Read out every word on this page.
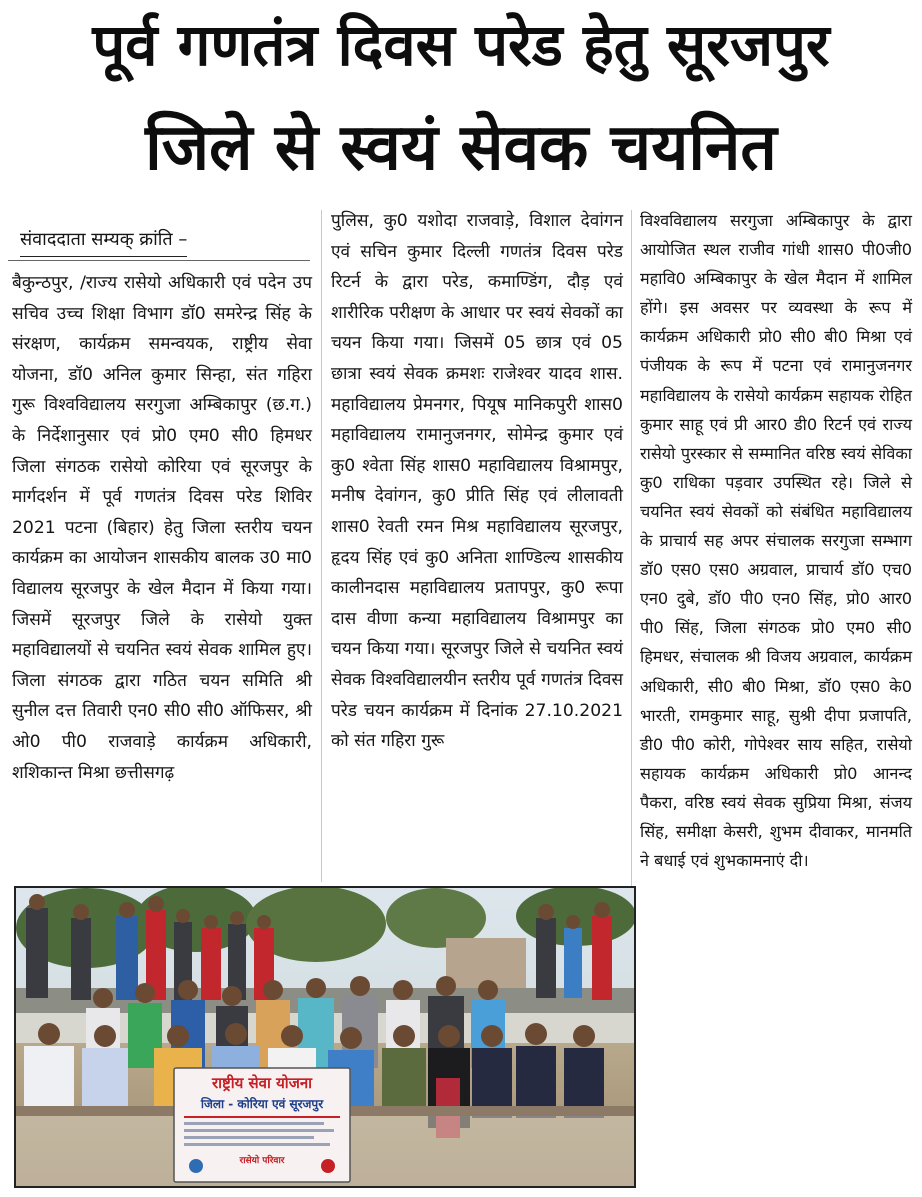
पूर्व गणतंत्र दिवस परेड हेतु सूरजपुर
जिले से स्वयं सेवक चयनित
संवाददाता सम्यक् क्रांति –

बैकुन्ठपुर, /राज्य रासेयो अधिकारी एवं पदेन उप सचिव उच्च शिक्षा विभाग डॉ0 समरेन्द्र सिंह के संरक्षण, कार्यक्रम समन्वयक, राष्ट्रीय सेवा योजना, डॉ0 अनिल कुमार सिन्हा, संत गहिरा गुरू विश्वविद्यालय सरगुजा अम्बिकापुर (छ.ग.) के निर्देशानुसार एवं प्रो0 एम0 सी0 हिमधर जिला संगठक रासेयो कोरिया एवं सूरजपुर के मार्गदर्शन में पूर्व गणतंत्र दिवस परेड शिविर 2021 पटना (बिहार) हेतु जिला स्तरीय चयन कार्यक्रम का आयोजन शासकीय बालक उ0 मा0 विद्यालय सूरजपुर के खेल मैदान में किया गया। जिसमें सूरजपुर जिले के रासेयो युक्त महाविद्यालयों से चयनित स्वयं सेवक शामिल हुए। जिला संगठक द्वारा गठित चयन समिति श्री सुनील दत्त तिवारी एन0 सी0 सी0 ऑफिसर, श्री ओ0 पी0 राजवाड़े कार्यक्रम अधिकारी, शशिकान्त मिश्रा छत्तीसगढ़

पुलिस, कु0 यशोदा राजवाड़े, विशाल देवांगन एवं सचिन कुमार दिल्ली गणतंत्र दिवस परेड रिटर्न के द्वारा परेड, कमाण्डिंग, दौड़ एवं शारीरिक परीक्षण के आधार पर स्वयं सेवकों का चयन किया गया। जिसमें 05 छात्र एवं 05 छात्रा स्वयं सेवक क्रमशः राजेश्वर यादव शास. महाविद्यालय प्रेमनगर, पियूष मानिकपुरी शास0 महाविद्यालय रामानुजनगर, सोमेन्द्र कुमार एवं कु0 श्वेता सिंह शास0 महाविद्यालय विश्रामपुर, मनीष देवांगन, कु0 प्रीति सिंह एवं लीलावती शास0 रेवती रमन मिश्र महाविद्यालय सूरजपुर, हृदय सिंह एवं कु0 अनिता शाण्डिल्य शासकीय कालीनदास महाविद्यालय प्रतापपुर, कु0 रूपा दास वीणा कन्या महाविद्यालय विश्रामपुर का चयन किया गया। सूरजपुर जिले से चयनित स्वयं सेवक विश्वविद्यालयीन स्तरीय पूर्व गणतंत्र दिवस परेड चयन कार्यक्रम में दिनांक 27.10.2021 को संत गहिरा गुरू

विश्वविद्यालय सरगुजा अम्बिकापुर के द्वारा आयोजित स्थल राजीव गांधी शास0 पी0जी0 महावि0 अम्बिकापुर के खेल मैदान में शामिल होंगे। इस अवसर पर व्यवस्था के रूप में कार्यक्रम अधिकारी प्रो0 सी0 बी0 मिश्रा एवं पंजीयक के रूप में पटना एवं रामानुजनगर महाविद्यालय के रासेयो कार्यक्रम सहायक रोहित कुमार साहू एवं प्री आर0 डी0 रिटर्न एवं राज्य रासेयो पुरस्कार से सम्मानित वरिष्ठ स्वयं सेविका कु0 राधिका पड़वार उपस्थित रहे। जिले से चयनित स्वयं सेवकों को संबंधित महाविद्यालय के प्राचार्य सह अपर संचालक सरगुजा सम्भाग डॉ0 एस0 एस0 अग्रवाल, प्राचार्य डॉ0 एच0 एन0 दुबे, डॉ0 पी0 एन0 सिंह, प्रो0 आर0 पी0 सिंह, जिला संगठक प्रो0 एम0 सी0 हिमधर, संचालक श्री विजय अग्रवाल, कार्यक्रम अधिकारी, सी0 बी0 मिश्रा, डॉ0 एस0 के0 भारती, रामकुमार साहू, सुश्री दीपा प्रजापति, डी0 पी0 कोरी, गोपेश्वर साय सहित, रासेयो सहायक कार्यक्रम अधिकारी प्रो0 आनन्द पैकरा, वरिष्ठ स्वयं सेवक सुप्रिया मिश्रा, संजय सिंह, समीक्षा केसरी, शुभम दीवाकर, मानमति ने बधाई एवं शुभकामनाएं दी।

राष्ट्रीय सेवा योजना
जिला - कोरिया एवं सूरजपुर
रासेयो परिवार
